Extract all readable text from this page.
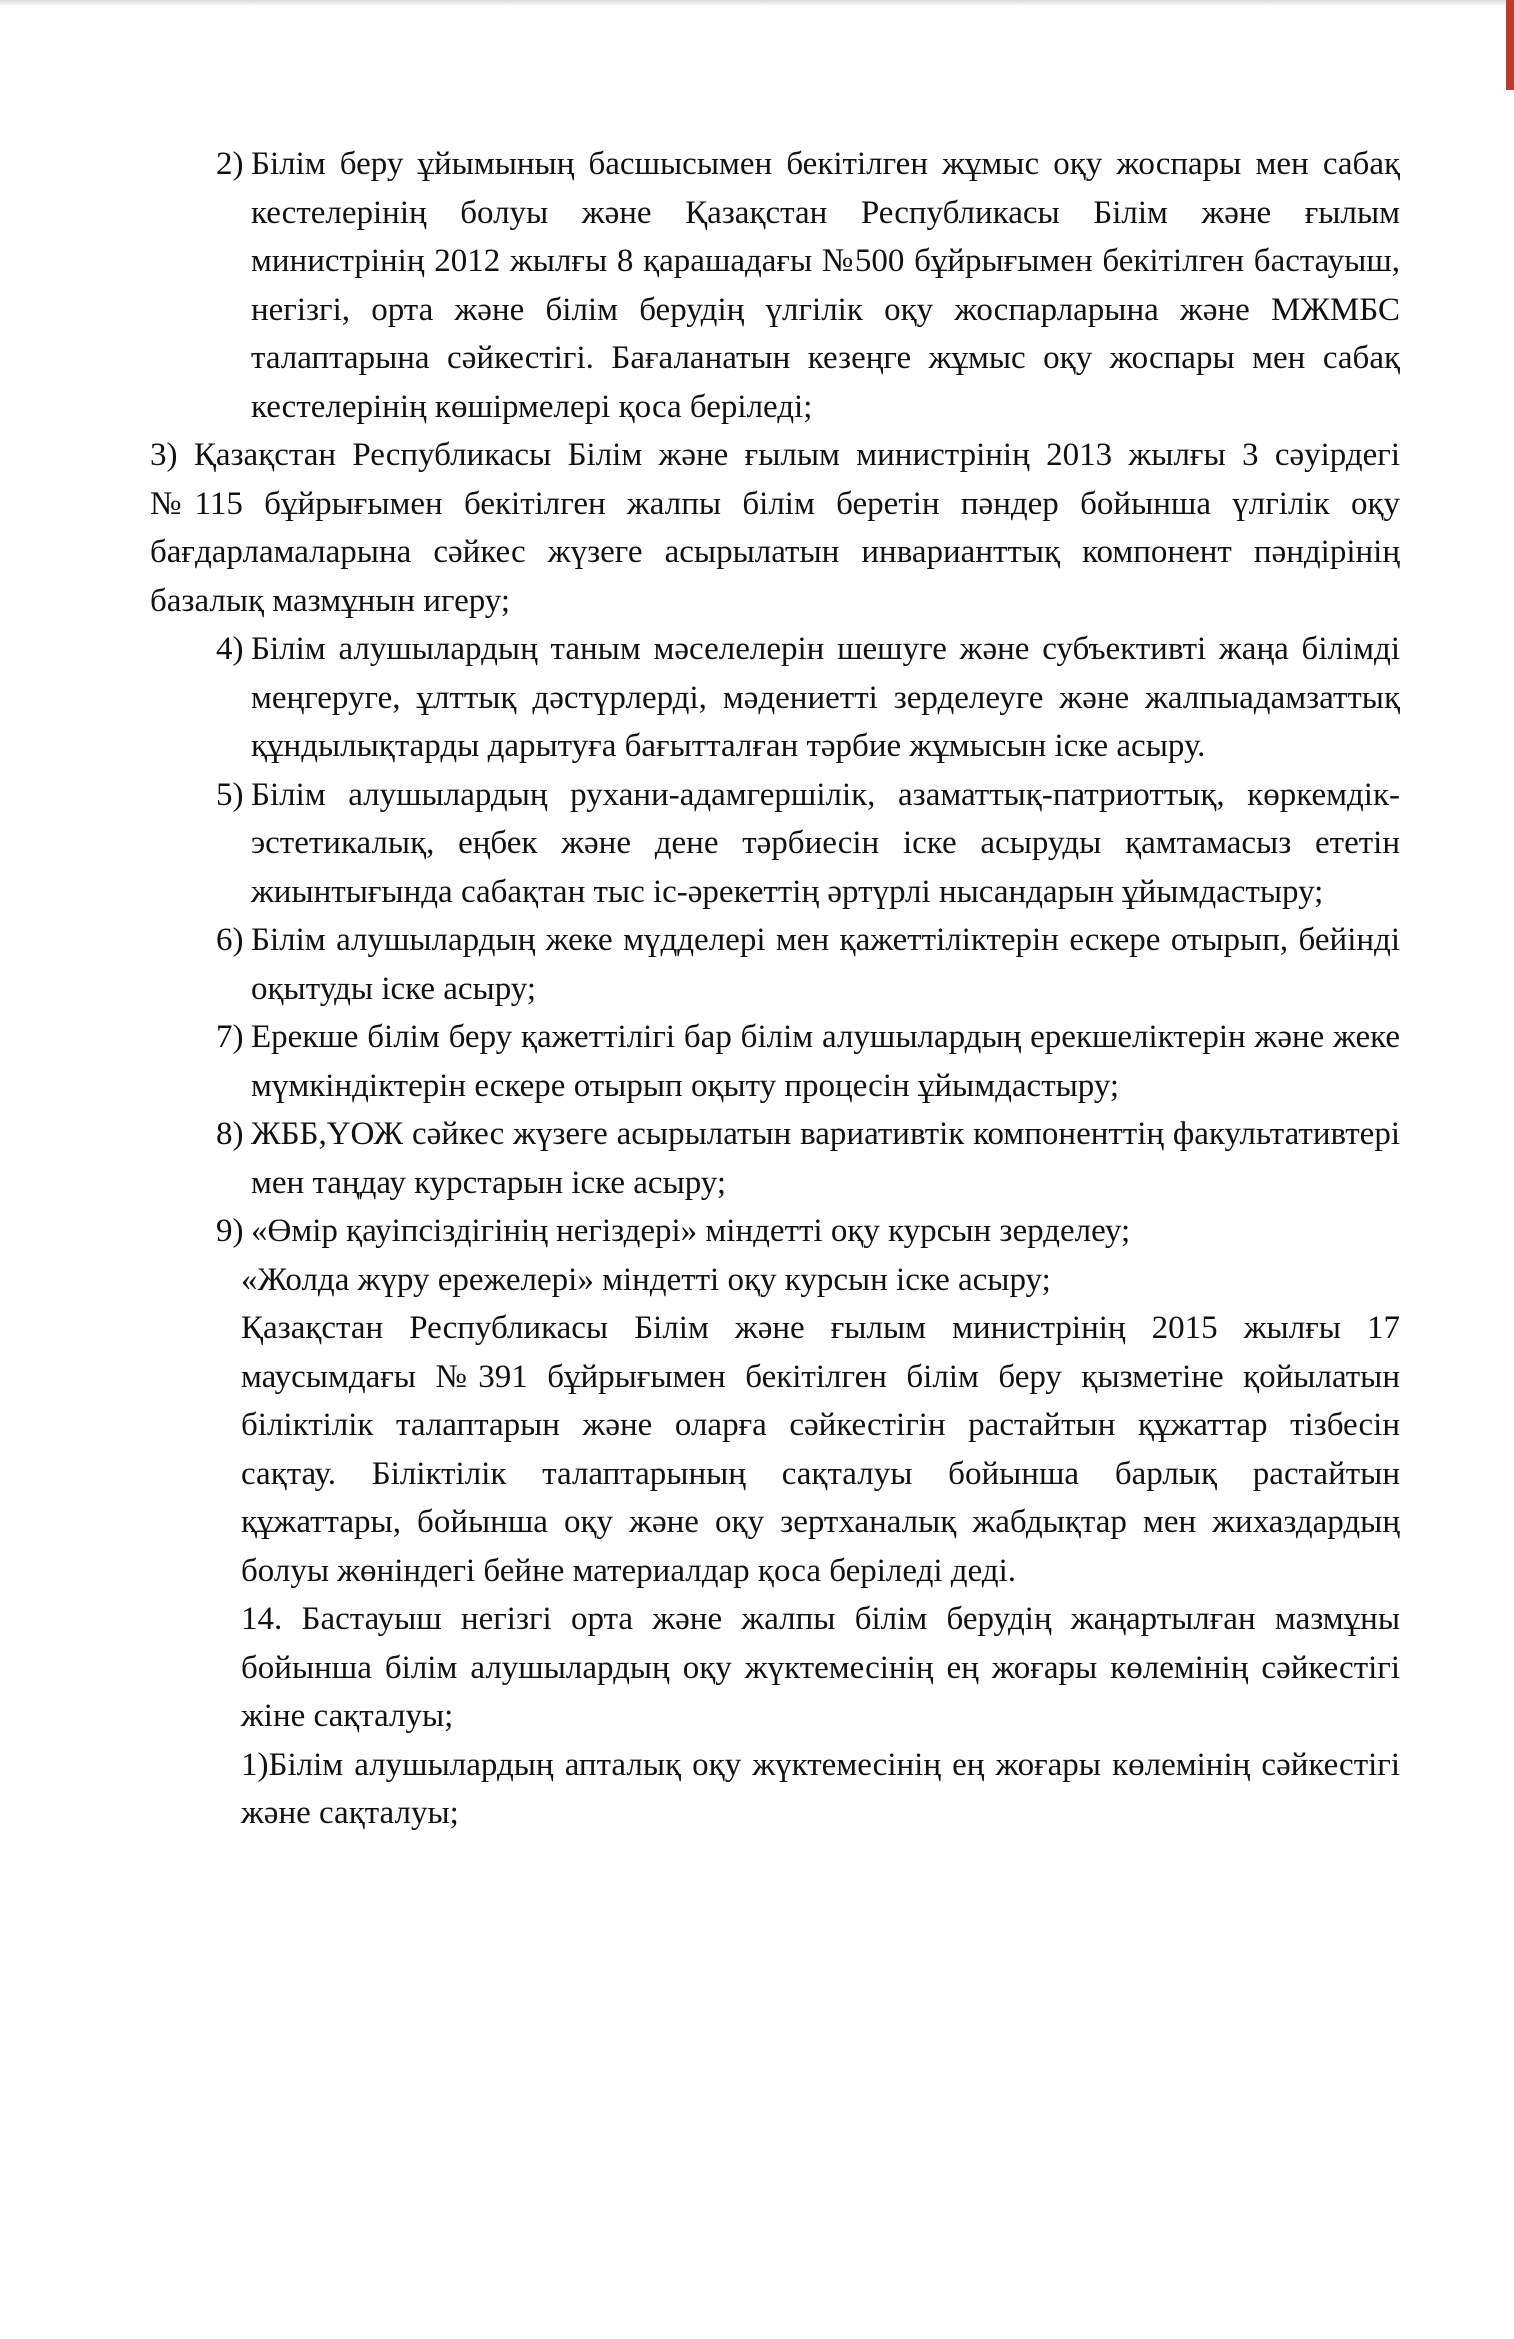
2) Білім беру ұйымының басшысымен бекітілген жұмыс оқу жоспары мен сабақ кестелерінің болуы және Қазақстан Республикасы Білім және ғылым министрінің 2012 жылғы 8 қарашадағы №500 бұйрығымен бекітілген бастауыш, негізгі, орта және білім берудің үлгілік оқу жоспарларына және МЖМБС талаптарына сәйкестігі. Бағаланатын кезеңге жұмыс оқу жоспары мен сабақ кестелерінің көшірмелері қоса беріледі;
3) Қазақстан Республикасы Білім және ғылым министрінің 2013 жылғы 3 сәуірдегі №115 бұйрығымен бекітілген жалпы білім беретін пәндер бойынша үлгілік оқу бағдарламаларына сәйкес жүзеге асырылатын инварианттық компонент пәндірінің базалық мазмұнын игеру;
4) Білім алушылардың таным мәселелерін шешуге және субъективті жаңа білімді меңгеруге, ұлттық дәстүрлерді, мәдениетті зерделеуге және жалпыадамзаттық құндылықтарды дарытуға бағытталған тәрбие жұмысын іске асыру.
5) Білім алушылардың рухани-адамгершілік, азаматтық-патриоттық, көркемдік-эстетикалық, еңбек және дене тәрбиесін іске асыруды қамтамасыз ететін жиынтығында сабақтан тыс іс-әрекеттің әртүрлі нысандарын ұйымдастыру;
6) Білім алушылардың жеке мүдделері мен қажеттіліктерін ескере отырып, бейінді оқытуды іске асыру;
7) Ерекше білім беру қажеттілігі бар білім алушылардың ерекшеліктерін және жеке мүмкіндіктерін ескере отырып оқыту процесін ұйымдастыру;
8) ЖББ,ҮОЖ сәйкес жүзеге асырылатын вариативтік компоненттің факультативтері мен таңдау курстарын іске асыру;
9) «Өмір қауіпсіздігінің негіздері» міндетті оқу курсын зерделеу;

«Жолда жүру ережелері» міндетті оқу курсын іске асыру;

Қазақстан Республикасы Білім және ғылым министрінің 2015 жылғы 17 маусымдағы №391 бұйрығымен бекітілген білім беру қызметіне қойылатын біліктілік талаптарын және оларға сәйкестігін растайтын құжаттар тізбесін сақтау. Біліктілік талаптарының сақталуы бойынша барлық растайтын құжаттары, бойынша оқу және оқу зертханалық жабдықтар мен жихаздардың болуы жөніндегі бейне материалдар қоса беріледі деді.

14. Бастауыш негізгі орта және жалпы білім берудің жаңартылған мазмұны бойынша білім алушылардың оқу жүктемесінің ең жоғары көлемінің сәйкестігі жіне сақталуы;

1)Білім алушылардың апталық оқу жүктемесінің ең жоғары көлемінің сәйкестігі және сақталуы;
